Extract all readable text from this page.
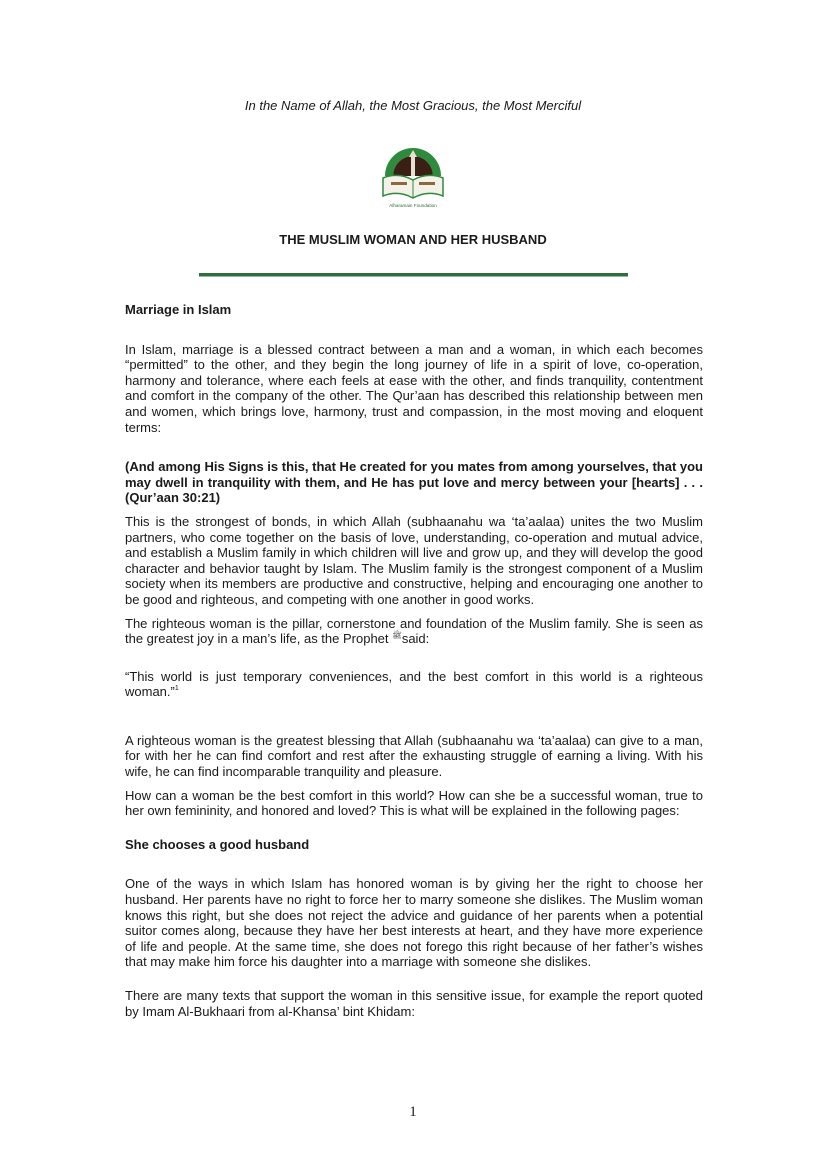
In the Name of Allah, the Most Gracious, the Most Merciful
Alharamain Foundation
THE MUSLIM WOMAN AND HER HUSBAND

Marriage in Islam

In Islam, marriage is a blessed contract between a man and a woman, in which each becomes “permitted” to the other, and they begin the long journey of life in a spirit of love, co-operation, harmony and tolerance, where each feels at ease with the other, and finds tranquility, contentment and comfort in the company of the other. The Qur’aan has described this relationship between men and women, which brings love, harmony, trust and compassion, in the most moving and eloquent terms:

(And among His Signs is this, that He created for you mates from among yourselves, that you may dwell in tranquility with them, and He has put love and mercy between your [hearts] . . . (Qur’aan 30:21)

This is the strongest of bonds, in which Allah (subhaanahu wa ‘ta’aalaa) unites the two Muslim partners, who come together on the basis of love, understanding, co-operation and mutual advice, and establish a Muslim family in which children will live and grow up, and they will develop the good character and behavior taught by Islam. The Muslim family is the strongest component of a Muslim society when its members are productive and constructive, helping and encouraging one another to be good and righteous, and competing with one another in good works.

The righteous woman is the pillar, cornerstone and foundation of the Muslim family. She is seen as the greatest joy in a man’s life, as the Prophet $^ﷺ$said:

“This world is just temporary conveniences, and the best comfort in this world is a righteous woman.”$^1$

A righteous woman is the greatest blessing that Allah (subhaanahu wa ‘ta’aalaa) can give to a man, for with her he can find comfort and rest after the exhausting struggle of earning a living. With his wife, he can find incomparable tranquility and pleasure.

How can a woman be the best comfort in this world? How can she be a successful woman, true to her own femininity, and honored and loved? This is what will be explained in the following pages:

She chooses a good husband

One of the ways in which Islam has honored woman is by giving her the right to choose her husband. Her parents have no right to force her to marry someone she dislikes. The Muslim woman knows this right, but she does not reject the advice and guidance of her parents when a potential suitor comes along, because they have her best interests at heart, and they have more experience of life and people. At the same time, she does not forego this right because of her father’s wishes that may make him force his daughter into a marriage with someone she dislikes.

There are many texts that support the woman in this sensitive issue, for example the report quoted by Imam Al-Bukhaari from al-Khansa’ bint Khidam:

1
